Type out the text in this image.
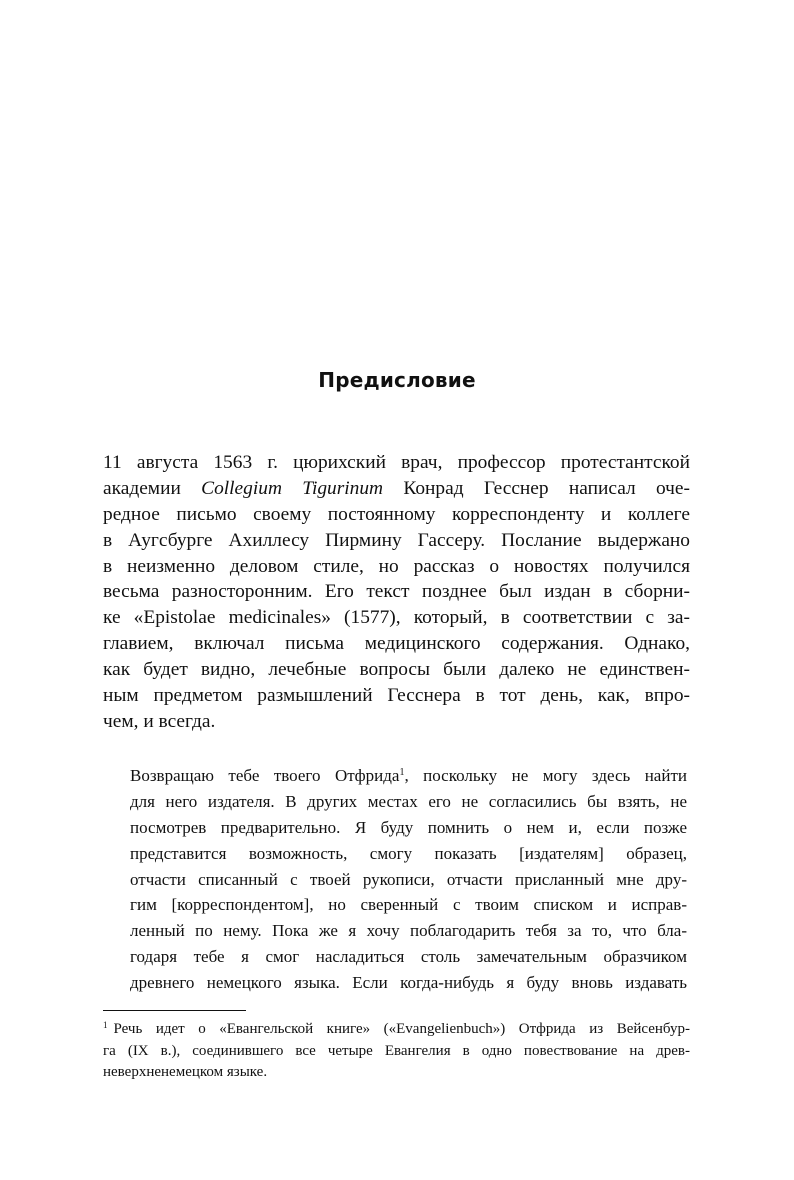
Предисловие
11 августа 1563 г. цюрихский врач, профессор протестантской
академии Collegium Tigurinum Конрад Гесснер написал оче-
редное письмо своему постоянному корреспонденту и коллеге
в Аугсбурге Ахиллесу Пирмину Гассеру. Послание выдержано
в неизменно деловом стиле, но рассказ о новостях получился
весьма разносторонним. Его текст позднее был издан в сборни-
ке «Epistolae medicinales» (1577), который, в соответствии с за-
главием, включал письма медицинского содержания. Однако,
как будет видно, лечебные вопросы были далеко не единствен-
ным предметом размышлений Гесснера в тот день, как, впро-
чем, и всегда.
Возвращаю тебе твоего Отфрида$^1$, поскольку не могу здесь найти
для него издателя. В других местах его не согласились бы взять, не
посмотрев предварительно. Я буду помнить о нем и, если позже
представится возможность, смогу показать [издателям] образец,
отчасти списанный с твоей рукописи, отчасти присланный мне дру-
гим [корреспондентом], но сверенный с твоим списком и исправ-
ленный по нему. Пока же я хочу поблагодарить тебя за то, что бла-
годаря тебе я смог насладиться столь замечательным образчиком
древнего немецкого языка. Если когда-нибудь я буду вновь издавать
$^1$ Речь идет о «Евангельской книге» («Evangelienbuch») Отфрида из Вейсенбур-
га (IX в.), соединившего все четыре Евангелия в одно повествование на древ-
неверхненемецком языке.
